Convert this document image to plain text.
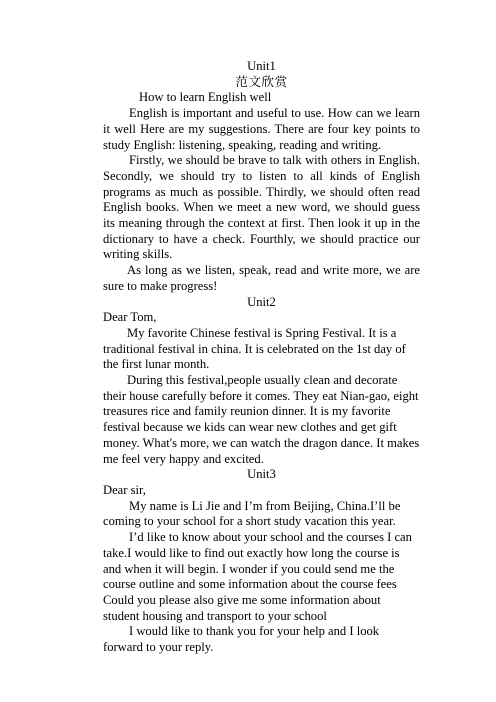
Unit1

范文欣赏

How to learn English well

English is important and useful to use. How can we learn it well Here are my suggestions. There are four key points to study English: listening, speaking, reading and writing.

Firstly, we should be brave to talk with others in English. Secondly, we should try to listen to all kinds of English programs as much as possible. Thirdly, we should often read English books. When we meet a new word, we should guess its meaning through the context at first. Then look it up in the dictionary to have a check. Fourthly, we should practice our writing skills.

As long as we listen, speak, read and write more, we are sure to make progress!

Unit2

Dear Tom,

My favorite Chinese festival is Spring Festival. It is a traditional festival in china. It is celebrated on the 1st day of the first lunar month.

During this festival,people usually clean and decorate their house carefully before it comes. They eat Nian-gao, eight treasures rice and family reunion dinner. It is my favorite festival because we kids can wear new clothes and get gift money. What's more, we can watch the dragon dance. It makes me feel very happy and excited.

Unit3

Dear sir,

My name is Li Jie and I’m from Beijing, China.I’ll be coming to your school for a short study vacation this year.

I’d like to know about your school and the courses I can take.I would like to find out exactly how long the course is and when it will begin. I wonder if you could send me the course outline and some information about the course fees Could you please also give me some information about student housing and transport to your school

I would like to thank you for your help and I look forward to your reply.
